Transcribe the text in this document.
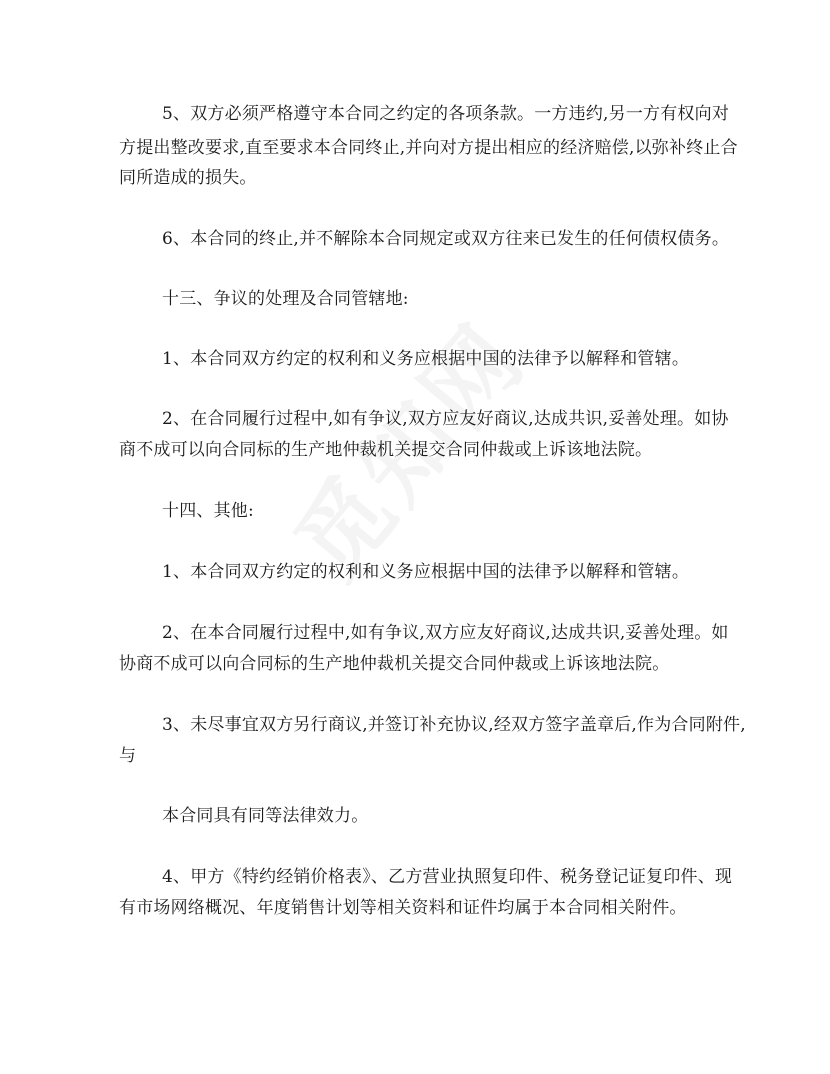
5、双方必须严格遵守本合同之约定的各项条款。一方违约,另一方有权向对
方提出整改要求,直至要求本合同终止,并向对方提出相应的经济赔偿,以弥补终止合
同所造成的损失。
6、本合同的终止,并不解除本合同规定或双方往来已发生的任何债权债务。
十三、争议的处理及合同管辖地:
1、本合同双方约定的权利和义务应根据中国的法律予以解释和管辖。
2、在合同履行过程中,如有争议,双方应友好商议,达成共识,妥善处理。如协
商不成可以向合同标的生产地仲裁机关提交合同仲裁或上诉该地法院。
十四、其他:
1、本合同双方约定的权利和义务应根据中国的法律予以解释和管辖。
2、在本合同履行过程中,如有争议,双方应友好商议,达成共识,妥善处理。如
协商不成可以向合同标的生产地仲裁机关提交合同仲裁或上诉该地法院。
3、未尽事宜双方另行商议,并签订补充协议,经双方签字盖章后,作为合同附件,
与
本合同具有同等法律效力。
4、甲方《特约经销价格表》、乙方营业执照复印件、税务登记证复印件、现
有市场网络概况、年度销售计划等相关资料和证件均属于本合同相关附件。
